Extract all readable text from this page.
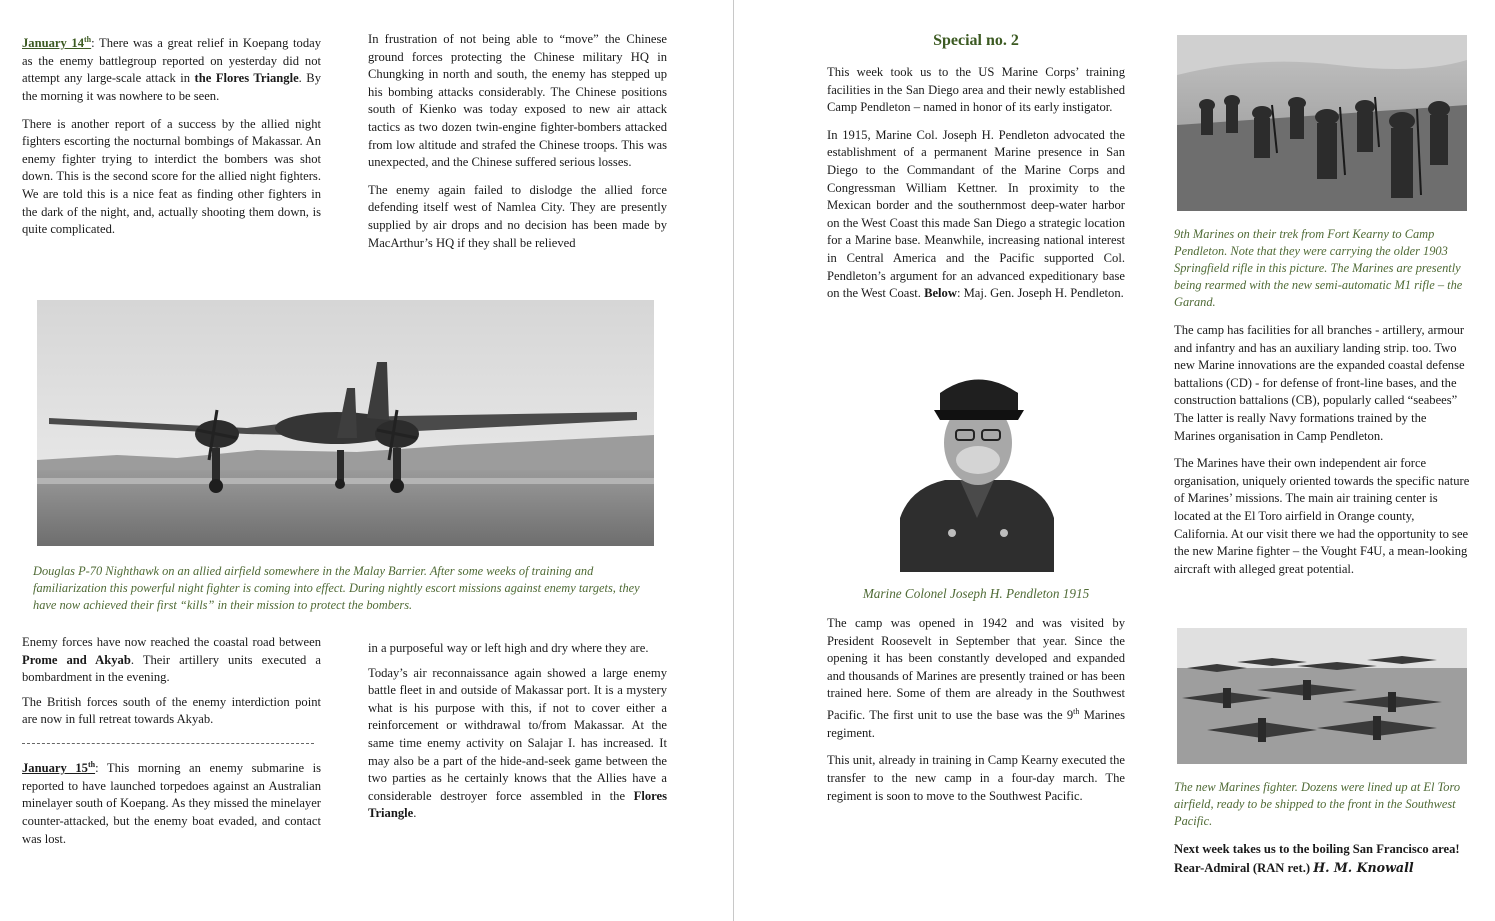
January 14th: There was a great relief in Koepang today as the enemy battlegroup reported on yesterday did not attempt any large-scale attack in the Flores Triangle. By the morning it was nowhere to be seen.

There is another report of a success by the allied night fighters escorting the nocturnal bombings of Makassar. An enemy fighter trying to interdict the bombers was shot down. This is the second score for the allied night fighters. We are told this is a nice feat as finding other fighters in the dark of the night, and, actually shooting them down, is quite complicated.

In frustration of not being able to “move” the Chinese ground forces protecting the Chinese military HQ in Chungking in north and south, the enemy has stepped up his bombing attacks considerably. The Chinese positions south of Kienko was today exposed to new air attack tactics as two dozen twin-engine fighter-bombers attacked from low altitude and strafed the Chinese troops. This was unexpected, and the Chinese suffered serious losses.

The enemy again failed to dislodge the allied force defending itself west of Namlea City. They are presently supplied by air drops and no decision has been made by MacArthur’s HQ if they shall be relieved

Douglas P-70 Nighthawk on an allied airfield somewhere in the Malay Barrier. After some weeks of training and familiarization this powerful night fighter is coming into effect. During nightly escort missions against enemy targets, they have now achieved their first “kills” in their mission to protect the bombers.

Enemy forces have now reached the coastal road between Prome and Akyab. Their artillery units executed a bombardment in the evening.

The British forces south of the enemy interdiction point are now in full retreat towards Akyab.

January 15th: This morning an enemy submarine is reported to have launched torpedoes against an Australian minelayer south of Koepang. As they missed the minelayer counter-attacked, but the enemy boat evaded, and contact was lost.

in a purposeful way or left high and dry where they are.

Today’s air reconnaissance again showed a large enemy battle fleet in and outside of Makassar port. It is a mystery what is his purpose with this, if not to cover either a reinforcement or withdrawal to/from Makassar. At the same time enemy activity on Salajar I. has increased. It may also be a part of the hide-and-seek game between the two parties as he certainly knows that the Allies have a considerable destroyer force assembled in the Flores Triangle.

Special no. 2

This week took us to the US Marine Corps’ training facilities in the San Diego area and their newly established Camp Pendleton – named in honor of its early instigator.

In 1915, Marine Col. Joseph H. Pendleton advocated the establishment of a permanent Marine presence in San Diego to the Commandant of the Marine Corps and Congressman William Kettner. In proximity to the Mexican border and the southernmost deep-water harbor on the West Coast this made San Diego a strategic location for a Marine base. Meanwhile, increasing national interest in Central America and the Pacific supported Col. Pendleton’s argument for an advanced expeditionary base on the West Coast. Below: Maj. Gen. Joseph H. Pendleton.

Marine Colonel Joseph H. Pendleton 1915

The camp was opened in 1942 and was visited by President Roosevelt in September that year. Since the opening it has been constantly developed and expanded and thousands of Marines are presently trained or has been trained here. Some of them are already in the Southwest Pacific. The first unit to use the base was the 9th Marines regiment.

This unit, already in training in Camp Kearny executed the transfer to the new camp in a four-day march. The regiment is soon to move to the Southwest Pacific.

9th Marines on their trek from Fort Kearny to Camp Pendleton. Note that they were carrying the older 1903 Springfield rifle in this picture. The Marines are presently being rearmed with the new semi-automatic M1 rifle – the Garand.

The camp has facilities for all branches - artillery, armour and infantry and has an auxiliary landing strip. too. Two new Marine innovations are the expanded coastal defense battalions (CD) - for defense of front-line bases, and the construction battalions (CB), popularly called “seabees” The latter is really Navy formations trained by the Marines organisation in Camp Pendleton.

The Marines have their own independent air force organisation, uniquely oriented towards the specific nature of Marines’ missions. The main air training center is located at the El Toro airfield in Orange county, California. At our visit there we had the opportunity to see the new Marine fighter – the Vought F4U, a mean-looking aircraft with alleged great potential.

The new Marines fighter. Dozens were lined up at El Toro airfield, ready to be shipped to the front in the Southwest Pacific.
Next week takes us to the boiling San Francisco area! Rear-Admiral (RAN ret.) H. M. Knowall
